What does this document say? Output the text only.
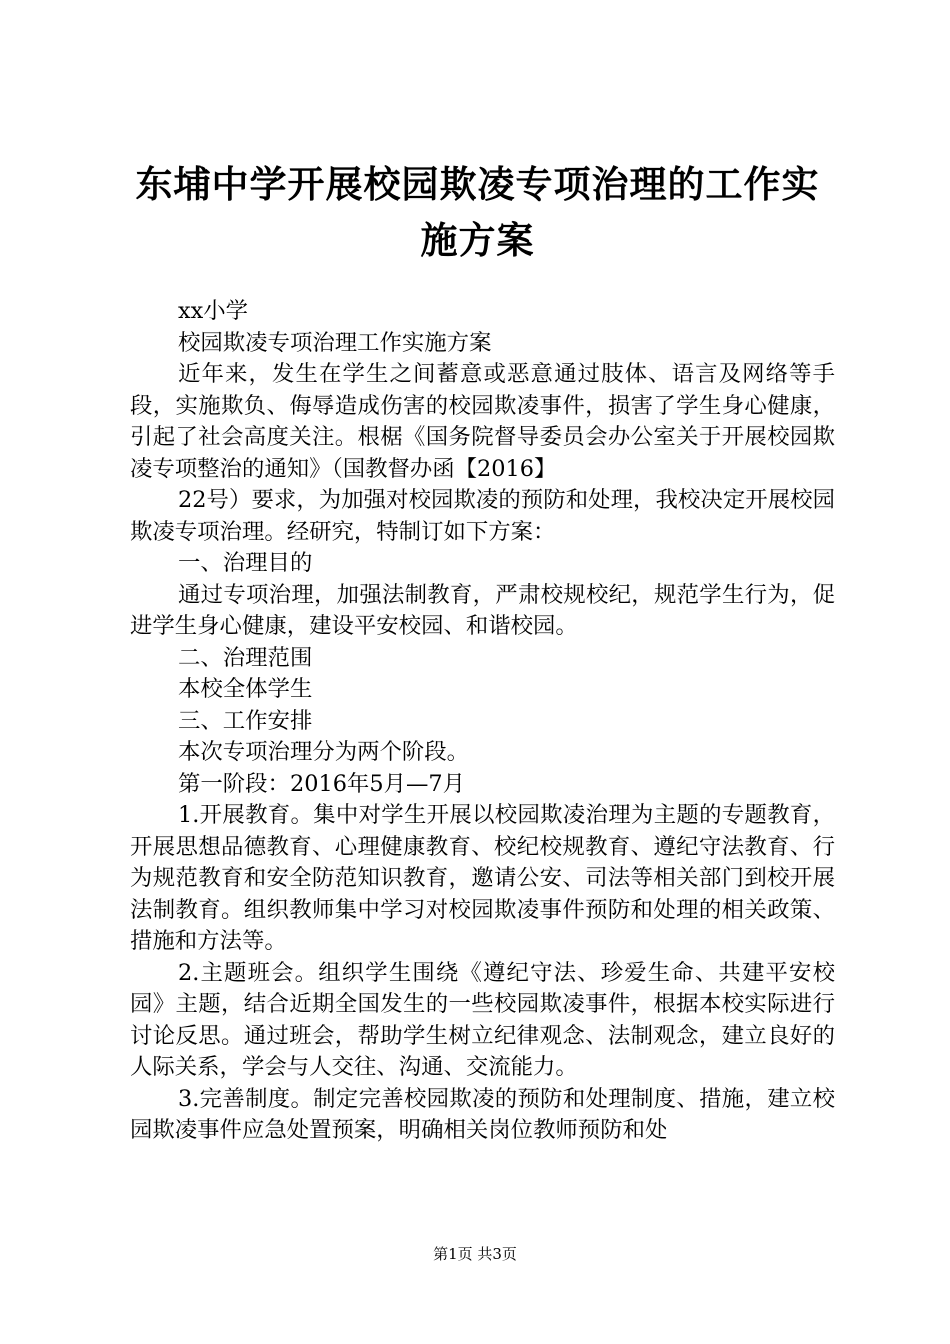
东埔中学开展校园欺凌专项治理的工作实施方案

xx小学

校园欺凌专项治理工作实施方案

近年来，发生在学生之间蓄意或恶意通过肢体、语言及网络等手段，实施欺负、侮辱造成伤害的校园欺凌事件，损害了学生身心健康，引起了社会高度关注。根椐《国务院督导委员会办公室关于开展校园欺凌专项整治的通知》（国教督办函【2016】

22号）要求，为加强对校园欺凌的预防和处理，我校决定开展校园欺凌专项治理。经研究，特制订如下方案：

一、治理目的

通过专项治理，加强法制教育，严肃校规校纪，规范学生行为，促进学生身心健康，建设平安校园、和谐校园。

二、治理范围

本校全体学生

三、工作安排

本次专项治理分为两个阶段。

第一阶段：2016年5月—7月

1.开展教育。集中对学生开展以校园欺凌治理为主题的专题教育，开展思想品德教育、心理健康教育、校纪校规教育、遵纪守法教育、行为规范教育和安全防范知识教育，邀请公安、司法等相关部门到校开展法制教育。组织教师集中学习对校园欺凌事件预防和处理的相关政策、措施和方法等。

2.主题班会。组织学生围绕《遵纪守法、珍爱生命、共建平安校园》主题，结合近期全国发生的一些校园欺凌事件，根据本校实际进行讨论反思。通过班会，帮助学生树立纪律观念、法制观念，建立良好的人际关系，学会与人交往、沟通、交流能力。

3.完善制度。制定完善校园欺凌的预防和处理制度、措施，建立校园欺凌事件应急处置预案，明确相关岗位教师预防和处

第1页 共3页
